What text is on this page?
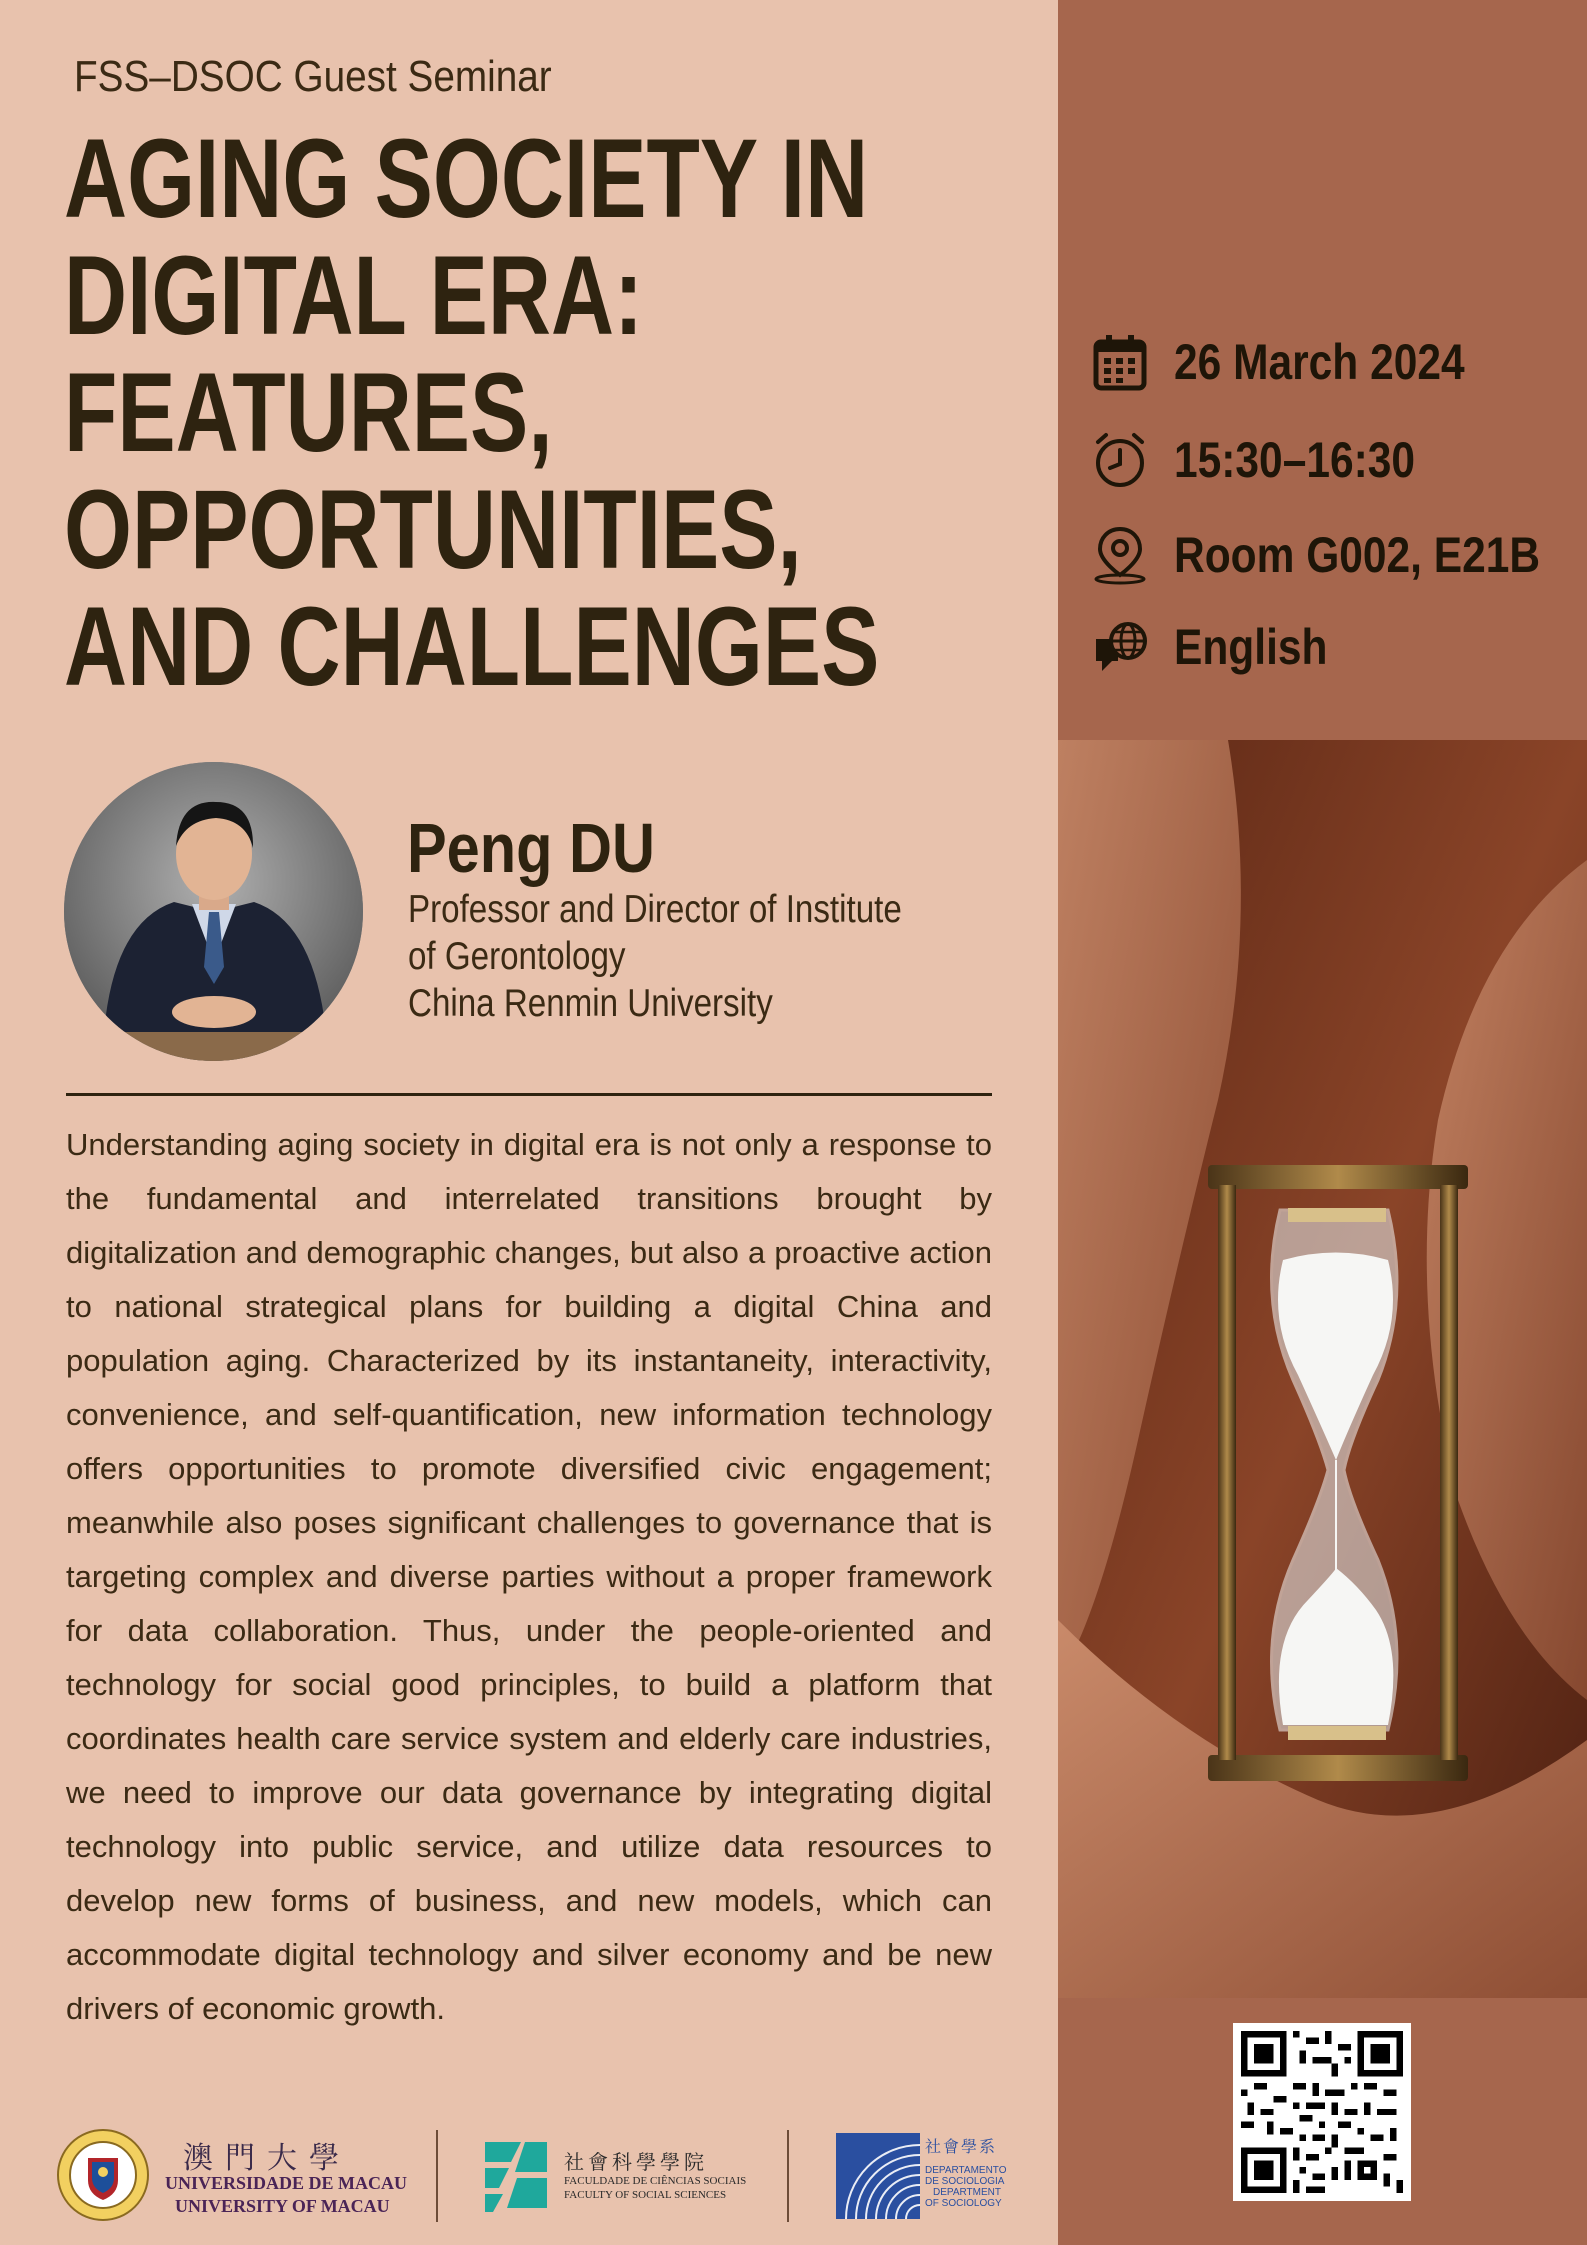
FSS–DSOC Guest Seminar
AGING SOCIETY IN
DIGITAL ERA:
FEATURES,
OPPORTUNITIES,
AND CHALLENGES
Peng DU
Professor and Director of Institute
of Gerontology
China Renmin University
Understanding aging society in digital era is not only a response to the fundamental and interrelated transitions brought by digitalization and demographic changes, but also a proactive action to national strategical plans for building a digital China and population aging. Characterized by its instantaneity, interactivity, convenience, and self-quantification, new information technology offers opportunities to promote diversified civic engagement; meanwhile also poses significant challenges to governance that is targeting complex and diverse parties without a proper framework for data collaboration. Thus, under the people-oriented and technology for social good principles, to build a platform that coordinates health care service system and elderly care industries, we need to improve our data governance by integrating digital technology into public service, and utilize data resources to develop new forms of business, and new models, which can accommodate digital technology and silver economy and be new drivers of economic growth.
26 March 2024
15:30–16:30
Room G002, E21B
English
澳門大學
UNIVERSIDADE DE MACAU
UNIVERSITY OF MACAU
社會科學學院
FACULDADE DE CIÊNCIAS SOCIAIS
FACULTY OF SOCIAL SCIENCES
社會學系
DEPARTAMENTO
DE SOCIOLOGIA
DEPARTMENT
OF SOCIOLOGY
